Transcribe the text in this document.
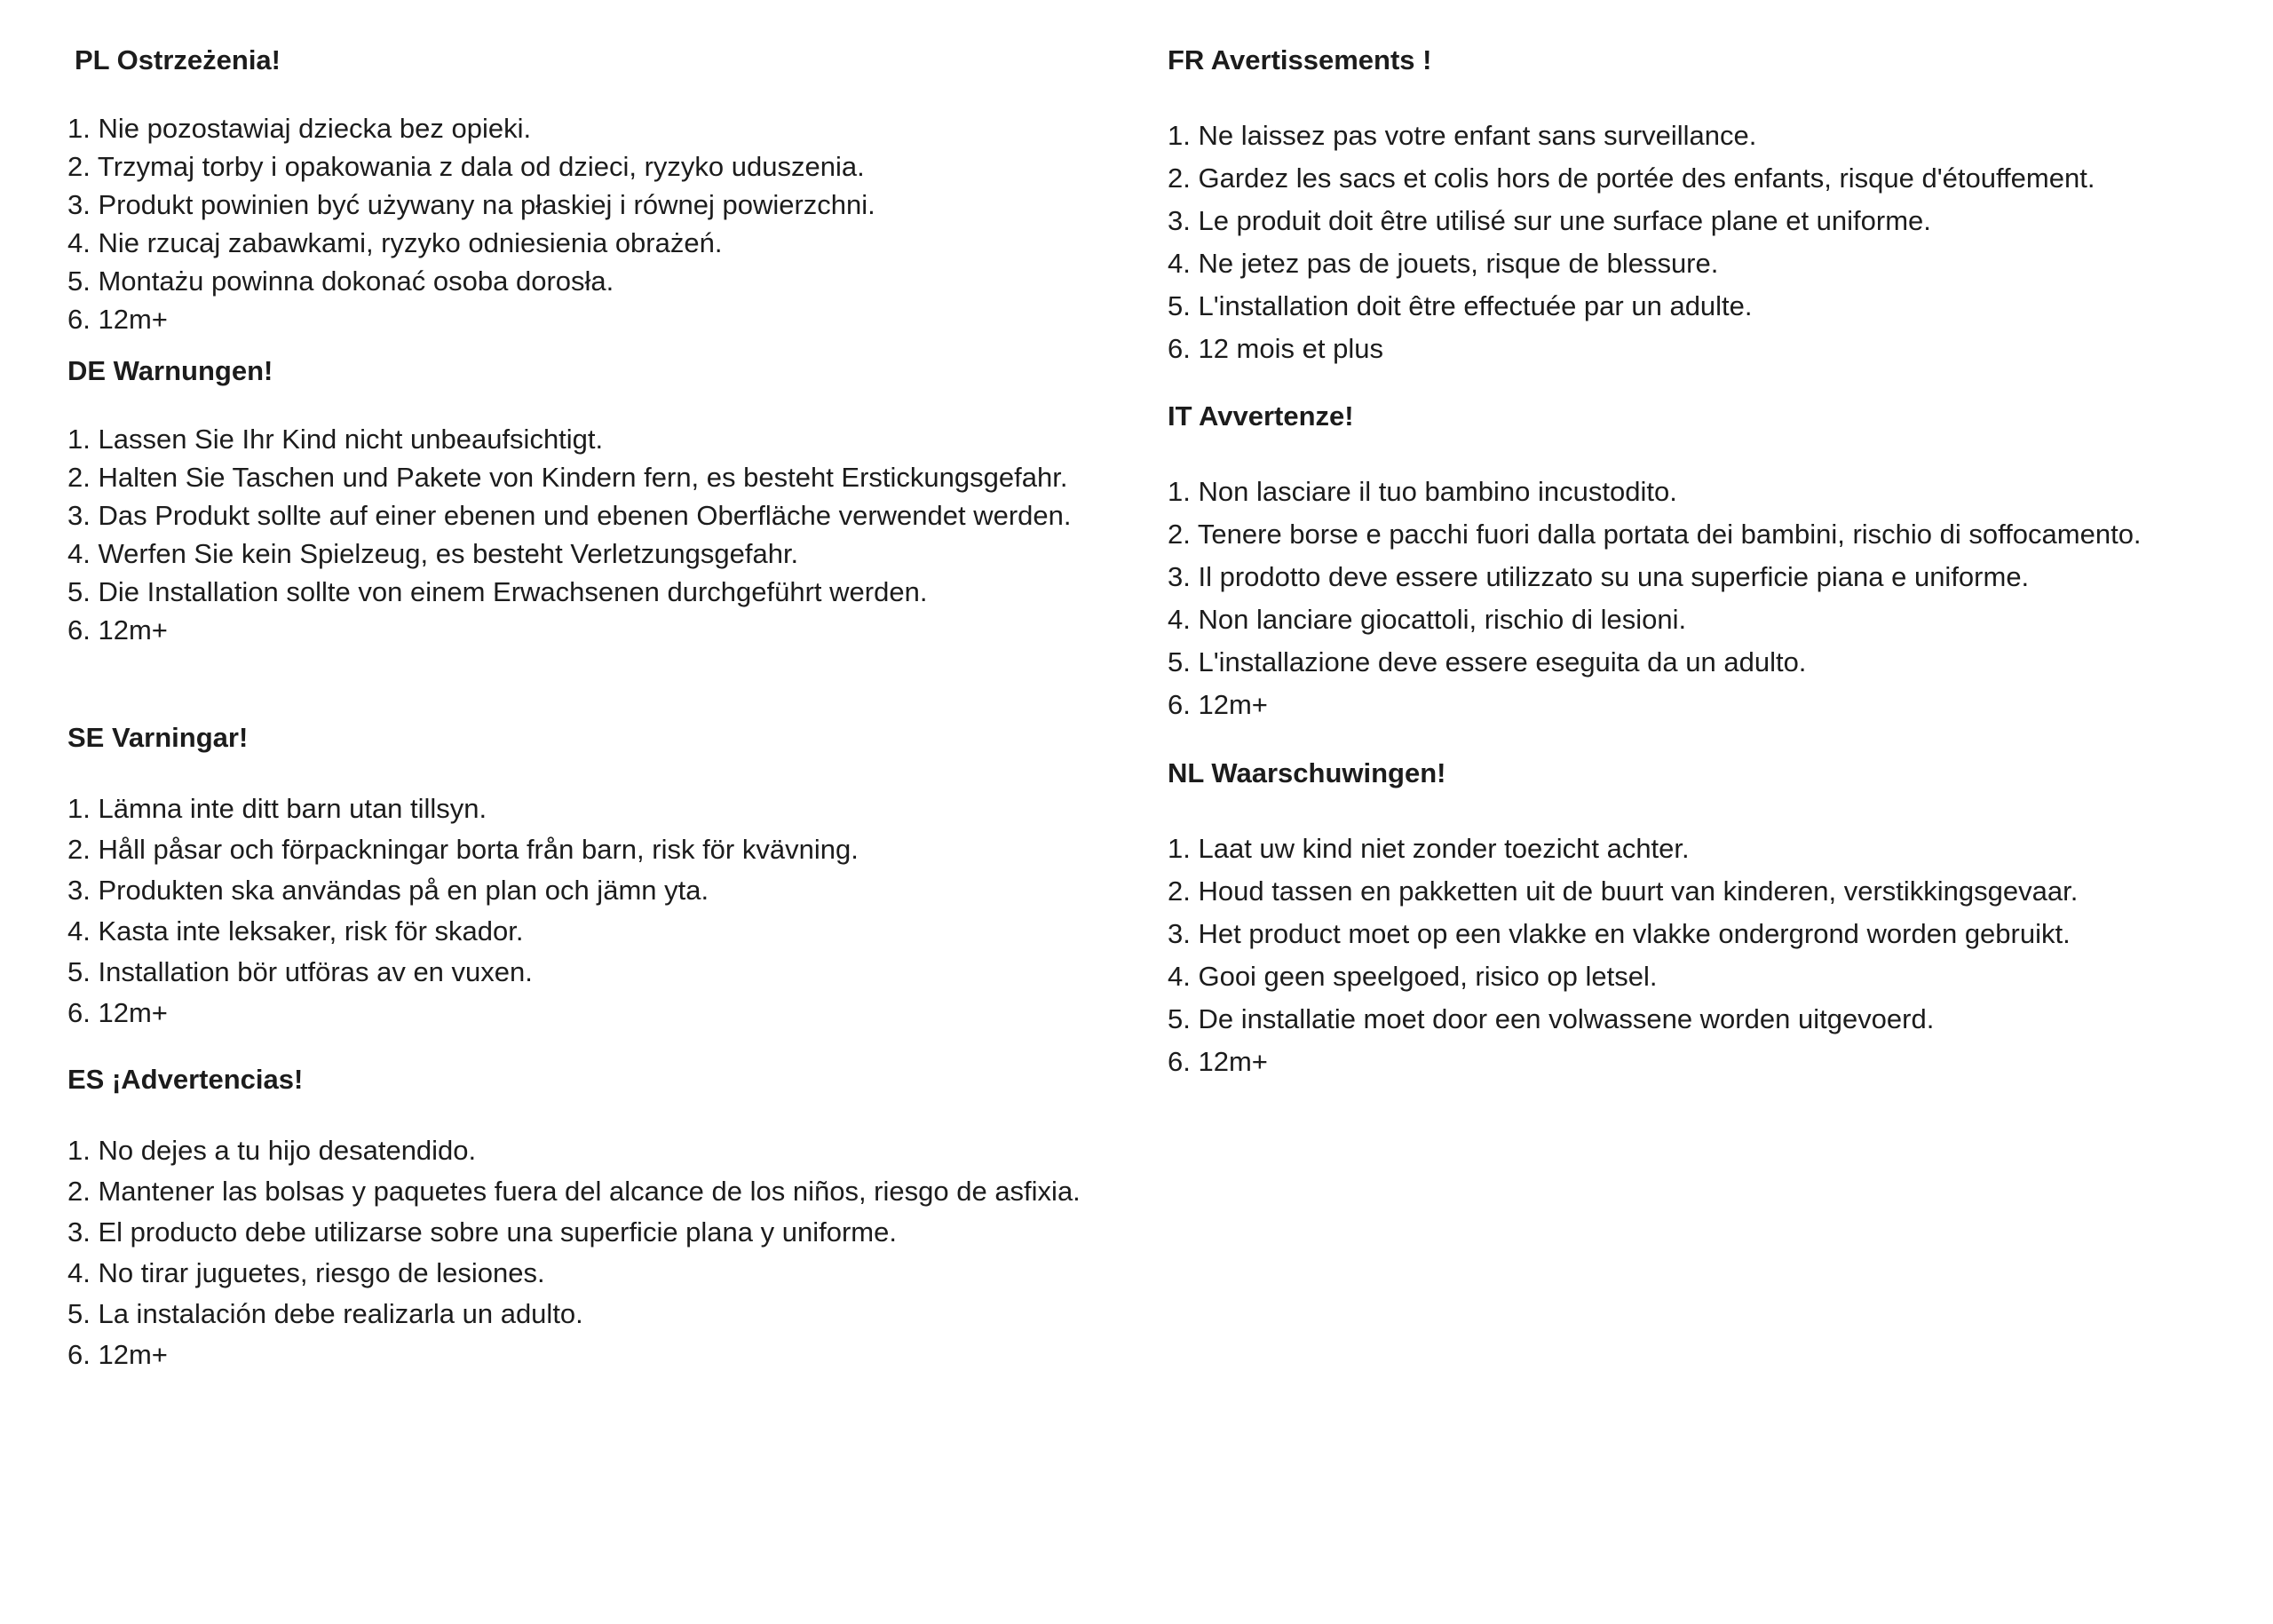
PL Ostrzeżenia!
1. Nie pozostawiaj dziecka bez opieki.
2. Trzymaj torby i opakowania z dala od dzieci, ryzyko uduszenia.
3. Produkt powinien być używany na płaskiej i równej powierzchni.
4. Nie rzucaj zabawkami, ryzyko odniesienia obrażeń.
5. Montażu powinna dokonać osoba dorosła.
6. 12m+
DE Warnungen!
1. Lassen Sie Ihr Kind nicht unbeaufsichtigt.
2. Halten Sie Taschen und Pakete von Kindern fern, es besteht Erstickungsgefahr.
3. Das Produkt sollte auf einer ebenen und ebenen Oberfläche verwendet werden.
4. Werfen Sie kein Spielzeug, es besteht Verletzungsgefahr.
5. Die Installation sollte von einem Erwachsenen durchgeführt werden.
6. 12m+
SE Varningar!
1. Lämna inte ditt barn utan tillsyn.
2. Håll påsar och förpackningar borta från barn, risk för kvävning.
3. Produkten ska användas på en plan och jämn yta.
4. Kasta inte leksaker, risk för skador.
5. Installation bör utföras av en vuxen.
6. 12m+
ES ¡Advertencias!
1. No dejes a tu hijo desatendido.
2. Mantener las bolsas y paquetes fuera del alcance de los niños, riesgo de asfixia.
3. El producto debe utilizarse sobre una superficie plana y uniforme.
4. No tirar juguetes, riesgo de lesiones.
5. La instalación debe realizarla un adulto.
6. 12m+
FR Avertissements !
1. Ne laissez pas votre enfant sans surveillance.
2. Gardez les sacs et colis hors de portée des enfants, risque d'étouffement.
3. Le produit doit être utilisé sur une surface plane et uniforme.
4. Ne jetez pas de jouets, risque de blessure.
5. L'installation doit être effectuée par un adulte.
6. 12 mois et plus
IT Avvertenze!
1. Non lasciare il tuo bambino incustodito.
2. Tenere borse e pacchi fuori dalla portata dei bambini, rischio di soffocamento.
3. Il prodotto deve essere utilizzato su una superficie piana e uniforme.
4. Non lanciare giocattoli, rischio di lesioni.
5. L'installazione deve essere eseguita da un adulto.
6. 12m+
NL Waarschuwingen!
1. Laat uw kind niet zonder toezicht achter.
2. Houd tassen en pakketten uit de buurt van kinderen, verstikkingsgevaar.
3. Het product moet op een vlakke en vlakke ondergrond worden gebruikt.
4. Gooi geen speelgoed, risico op letsel.
5. De installatie moet door een volwassene worden uitgevoerd.
6. 12m+
